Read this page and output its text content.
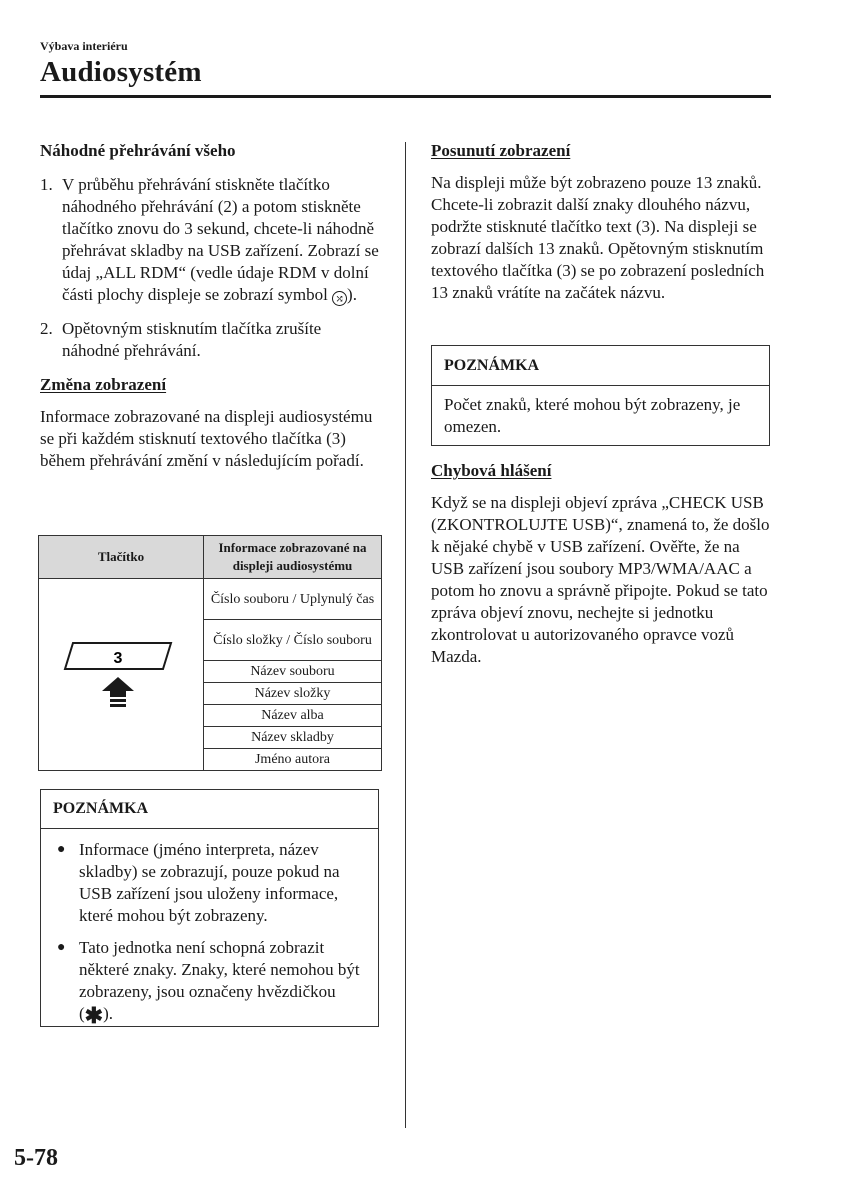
Výbava interiéru
Audiosystém

Náhodné přehrávání všeho

1. V průběhu přehrávání stiskněte tlačítko náhodného přehrávání (2) a potom stiskněte tlačítko znovu do 3 sekund, chcete-li náhodně přehrávat skladby na USB zařízení. Zobrazí se údaj „ALL RDM“ (vedle údaje RDM v dolní části plochy displeje se zobrazí symbol ⤮ ).
2. Opětovným stisknutím tlačítka zrušíte náhodné přehrávání.

Změna zobrazení

Informace zobrazované na displeji audiosystému se při každém stisknutí textového tlačítka (3) během přehrávání změní v následujícím pořadí.

Tlačítko	Informace zobrazované na displeji audiosystému

3	Číslo souboru / Uplynulý čas
	Číslo složky / Číslo souboru
	Název souboru
	Název složky
	Název alba
	Název skladby
	Jméno autora
POZNÁMKA
● Informace (jméno interpreta, název skladby) se zobrazují, pouze pokud na USB zařízení jsou uloženy informace, které mohou být zobrazeny.
● Tato jednotka není schopná zobrazit některé znaky. Znaky, které nemohou být zobrazeny, jsou označeny hvězdičkou (✱).

Posunutí zobrazení

Na displeji může být zobrazeno pouze 13 znaků. Chcete-li zobrazit další znaky dlouhého názvu, podržte stisknuté tlačítko text (3). Na displeji se zobrazí dalších 13 znaků. Opětovným stisknutím textového tlačítka (3) se po zobrazení posledních 13 znaků vrátíte na začátek názvu.

POZNÁMKA
Počet znaků, které mohou být zobrazeny, je omezen.

Chybová hlášení

Když se na displeji objeví zpráva „CHECK USB (ZKONTROLUJTE USB)“, znamená to, že došlo k nějaké chybě v USB zařízení. Ověřte, že na USB zařízení jsou soubory MP3/WMA/AAC a potom ho znovu a správně připojte. Pokud se tato zpráva objeví znovu, nechejte si jednotku zkontrolovat u autorizovaného opravce vozů Mazda.

5-78
